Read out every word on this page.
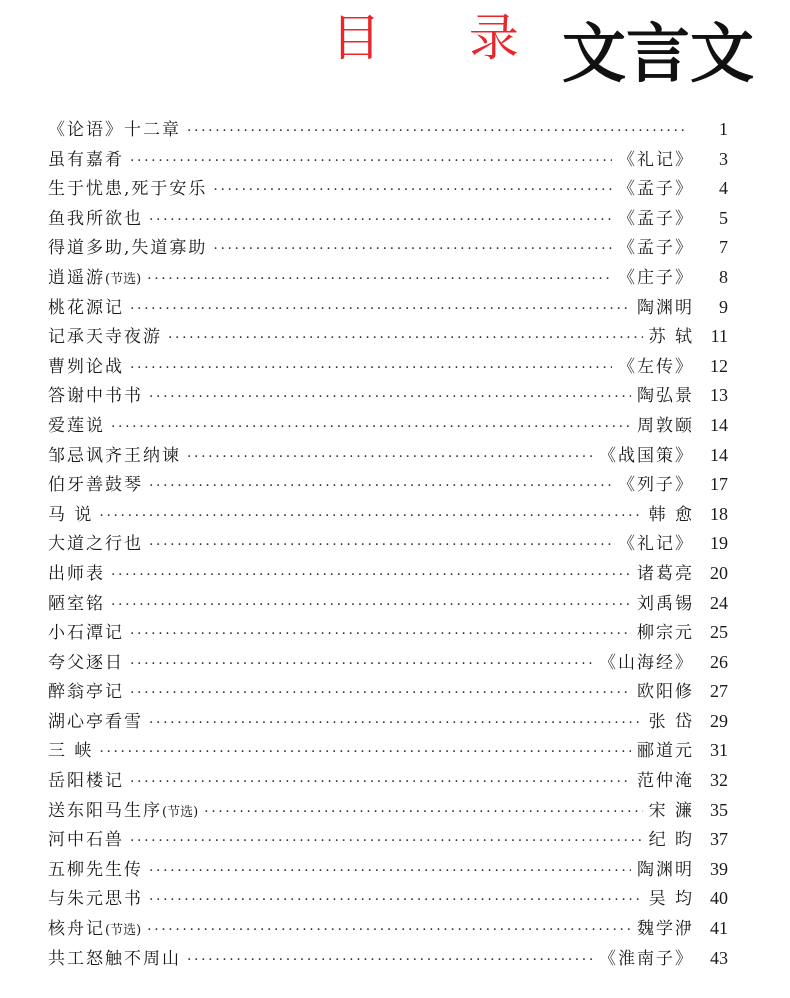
目 录 文言文
《论语》十二章 ·····	1
虽有嘉肴 ·····	《礼记》	3
生于忧患,死于安乐 ·····	《孟子》	4
鱼我所欲也 ·····	《孟子》	5
得道多助,失道寡助 ·····	《孟子》	7
逍遥游(节选) ·····	《庄子》	8
桃花源记 ·····	陶渊明	9
记承天寺夜游 ·····	苏 轼 11
曹刿论战 ·····	《左传》 12
答谢中书书 ·····	陶弘景 13
爱莲说 ·····	周敦颐 14
邹忌讽齐王纳谏 ·····	《战国策》 14
伯牙善鼓琴 ·····	《列子》 17
马 说 ·····	韩 愈 18
大道之行也 ·····	《礼记》 19
出师表 ·····	诸葛亮 20
陋室铭 ·····	刘禹锡 24
小石潭记 ·····	柳宗元 25
夸父逐日 ·····	《山海经》 26
醉翁亭记 ·····	欧阳修 27
湖心亭看雪 ·····	张 岱 29
三 峡 ·····	郦道元 31
岳阳楼记 ·····	范仲淹 32
送东阳马生序(节选) ·····	宋 濂 35
河中石兽 ·····	纪 昀 37
五柳先生传 ·····	陶渊明 39
与朱元思书 ·····	吴 均 40
核舟记(节选) ·····	魏学洢 41
共工怒触不周山 ·····	《淮南子》 43
